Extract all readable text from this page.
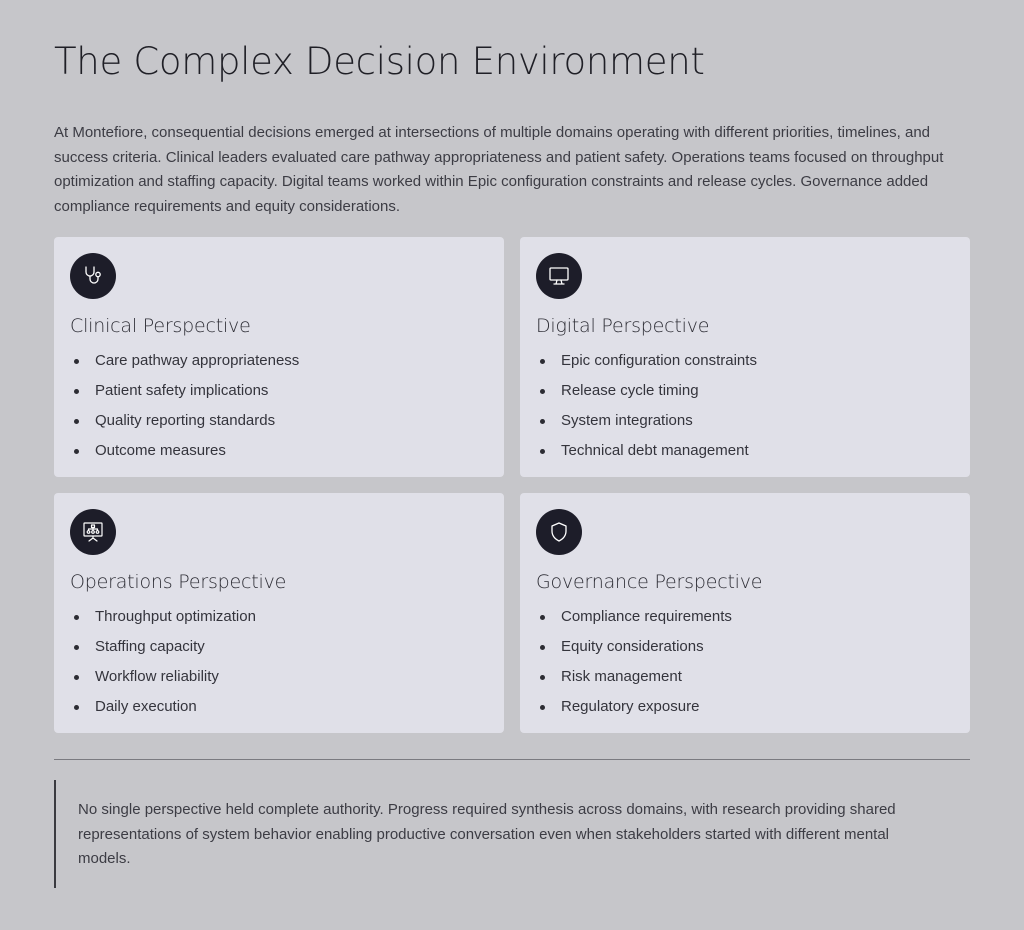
The Complex Decision Environment

At Montefiore, consequential decisions emerged at intersections of multiple domains operating with different priorities, timelines, and success criteria. Clinical leaders evaluated care pathway appropriateness and patient safety. Operations teams focused on throughput optimization and staffing capacity. Digital teams worked within Epic configuration constraints and release cycles. Governance added compliance requirements and equity considerations.

Clinical Perspective
Care pathway appropriateness
Patient safety implications
Quality reporting standards
Outcome measures
Digital Perspective
Epic configuration constraints
Release cycle timing
System integrations
Technical debt management
Operations Perspective
Throughput optimization
Staffing capacity
Workflow reliability
Daily execution
Governance Perspective
Compliance requirements
Equity considerations
Risk management
Regulatory exposure

No single perspective held complete authority. Progress required synthesis across domains, with research providing shared representations of system behavior enabling productive conversation even when stakeholders started with different mental models.
